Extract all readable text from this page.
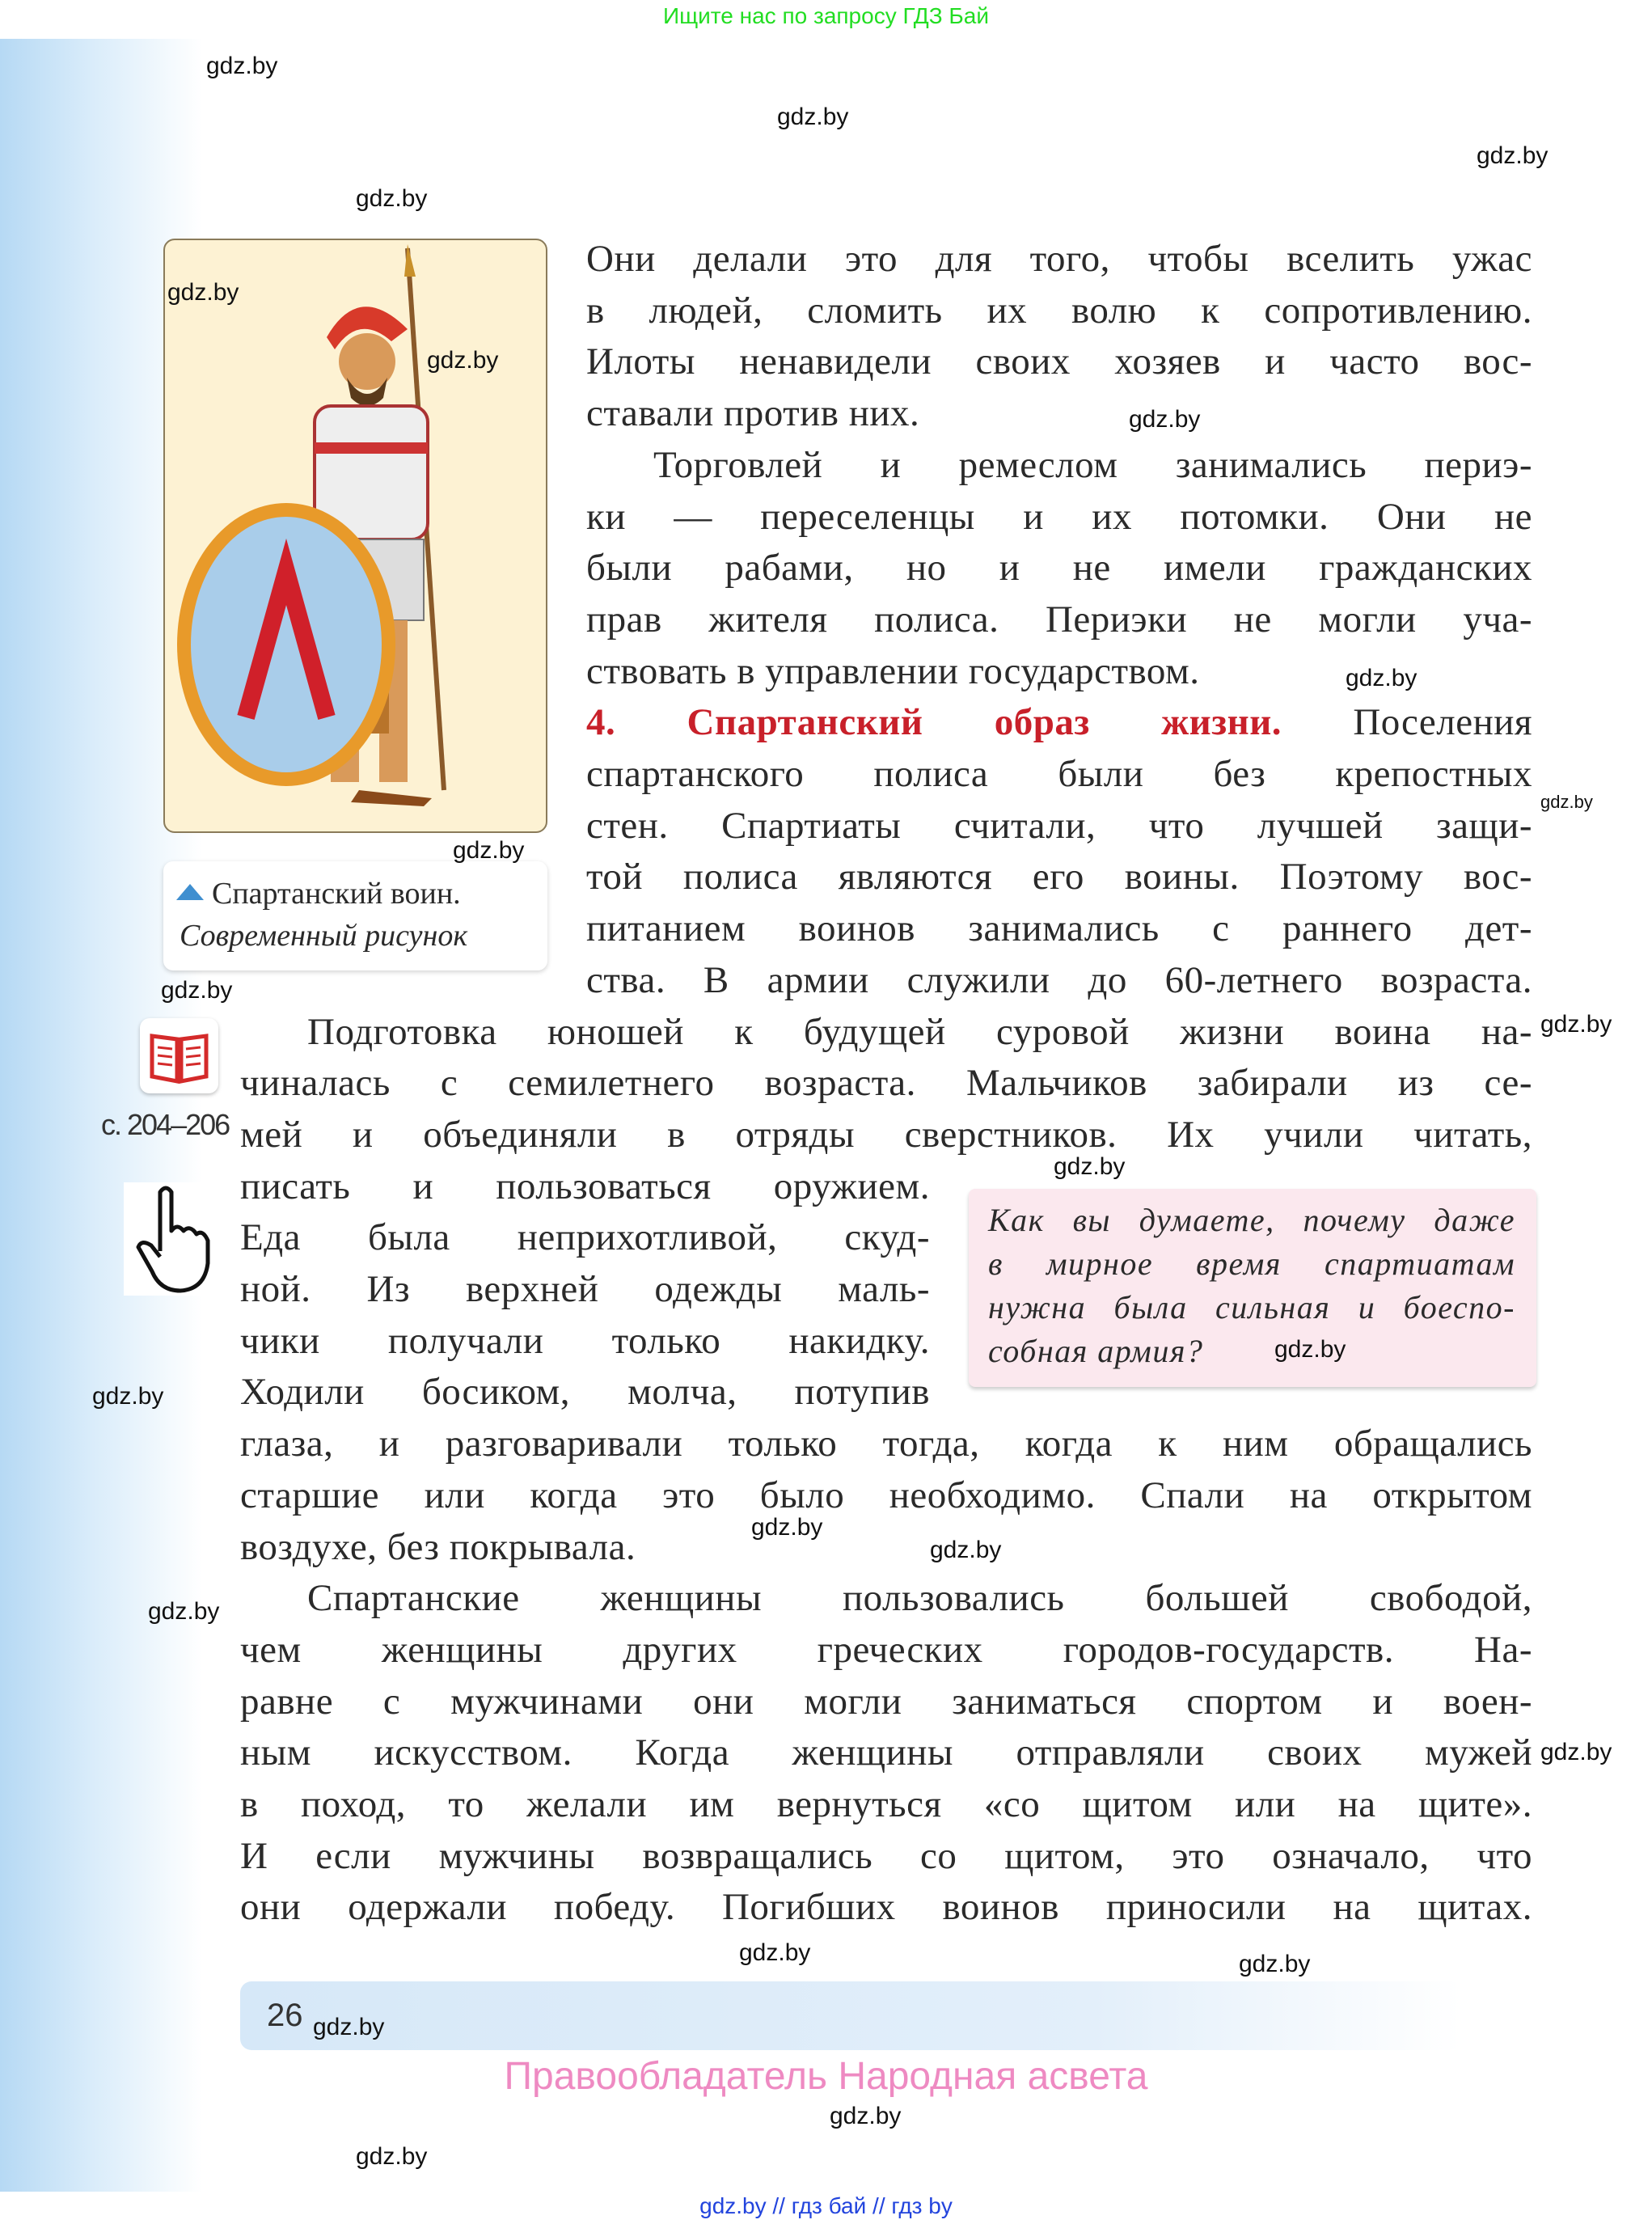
Ищите нас по запросу ГДЗ Бай
Спартанский воин.
Современный рисунок
с. 204–206
Они делали это для того, чтобы вселить ужас
в людей, сломить их волю к сопротивлению.
Илоты ненавидели своих хозяев и часто вос-
ставали против них.
Торговлей и ремеслом занимались периэ-
ки — переселенцы и их потомки. Они не
были рабами, но и не имели гражданских
прав жителя полиса. Периэки не могли уча-
ствовать в управлении государством.
4. Спартанский образ жизни. Поселения
спартанского полиса были без крепостных
стен. Спартиаты считали, что лучшей защи-
той полиса являются его воины. Поэтому вос-
питанием воинов занимались с раннего дет-
ства. В армии служили до 60-летнего возраста.
Подготовка юношей к будущей суровой жизни воина на-
чиналась с семилетнего возраста. Мальчиков забирали из се-
мей и объединяли в отряды сверстников. Их учили читать,
писать и пользоваться оружием.
Еда была неприхотливой, скуд-
ной. Из верхней одежды маль-
чики получали только накидку.
Ходили босиком, молча, потупив
глаза, и разговаривали только тогда, когда к ним обращались
старшие или когда это было необходимо. Спали на открытом
воздухе, без покрывала.
Спартанские женщины пользовались большей свободой,
чем женщины других греческих городов-государств. На-
равне с мужчинами они могли заниматься спортом и воен-
ным искусством. Когда женщины отправляли своих мужей
в поход, то желали им вернуться «со щитом или на щите».
И если мужчины возвращались со щитом, это означало, что
они одержали победу. Погибших воинов приносили на щитах.
Как вы думаете, почему даже
в мирное время спартиатам
нужна была сильная и боеспо-
собная армия?
26
Правообладатель Народная асвета
gdz.by // гдз бай // гдз by
gdz.by
gdz.by
gdz.by
gdz.by
gdz.by
gdz.by
gdz.by
gdz.by
gdz.by
gdz.by
gdz.by
gdz.by
gdz.by
gdz.by
gdz.by
gdz.by
gdz.by
gdz.by
gdz.by
gdz.by	gdz.by
gdz.by
gdz.by
gdz.by
